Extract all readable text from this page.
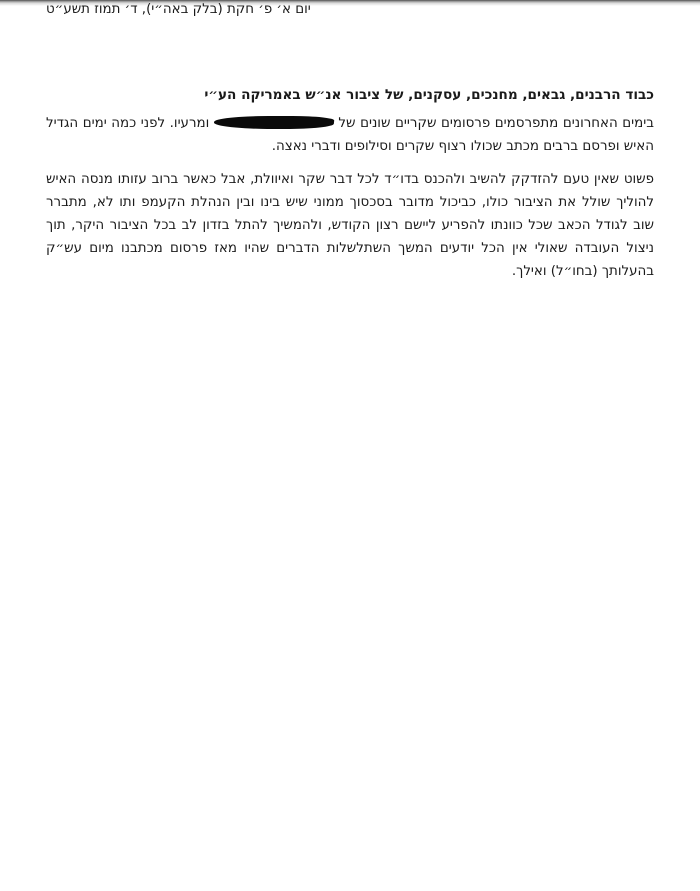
יום א׳ פ׳ חקת (בלק באה״י), ד׳ תמוז תשע״ט
כבוד הרבנים, גבאים, מחנכים, עסקנים, של ציבור אנ״ש באמריקה הע״י
בימים האחרונים מתפרסמים פרסומים שקריים שונים של  ומרעיו. לפני כמה ימים הגדיל
האיש ופרסם ברבים מכתב שכולו רצוף שקרים וסילופים ודברי נאצה.
פשוט שאין טעם להזדקק להשיב ולהכנס בדו״ד לכל דבר שקר ואיוולת, אבל כאשר ברוב עזותו מנסה האיש
להוליך שולל את הציבור כולו, כביכול מדובר בסכסוך ממוני שיש בינו ובין הנהלת הקעמפ ותו לא, מתברר
שוב לגודל הכאב שכל כוונתו להפריע ליישם רצון הקודש, ולהמשיך להתל בזדון לב בכל הציבור היקר, תוך
ניצול העובדה שאולי אין הכל יודעים המשך השתלשלות הדברים שהיו מאז פרסום מכתבנו מיום עש״ק
בהעלותך (בחו״ל) ואילך.
